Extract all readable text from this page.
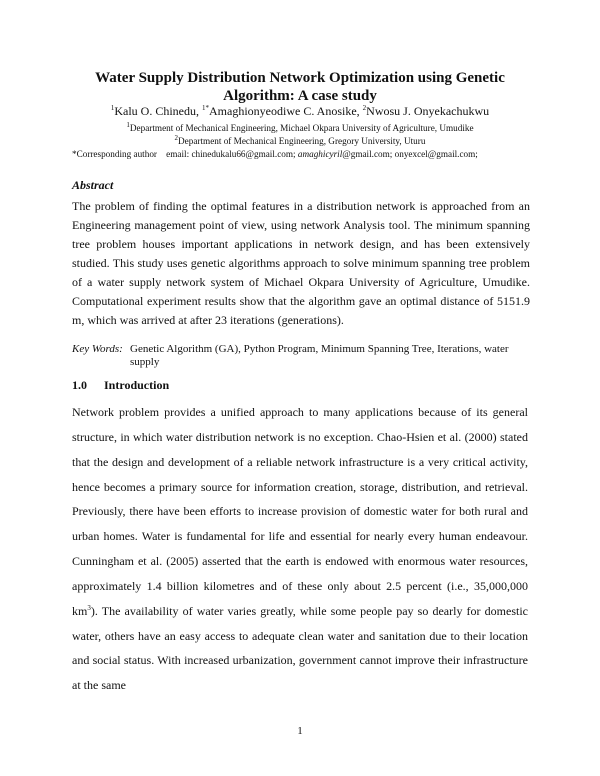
Water Supply Distribution Network Optimization using Genetic Algorithm: A case study
$^1$Kalu O. Chinedu, $^{1*}$Amaghionyeodiwe C. Anosike, $^2$Nwosu J. Onyekachukwu
$^1$Department of Mechanical Engineering, Michael Okpara University of Agriculture, Umudike
$^2$Department of Mechanical Engineering, Gregory University, Uturu
*Corresponding author email: chinedukalu66@gmail.com; amaghicyril@gmail.com; onyexcel@gmail.com;
Abstract
The problem of finding the optimal features in a distribution network is approached from an Engineering management point of view, using network Analysis tool. The minimum spanning tree problem houses important applications in network design, and has been extensively studied. This study uses genetic algorithms approach to solve minimum spanning tree problem of a water supply network system of Michael Okpara University of Agriculture, Umudike. Computational experiment results show that the algorithm gave an optimal distance of 5151.9 m, which was arrived at after 23 iterations (generations).
Key Words: Genetic Algorithm (GA), Python Program, Minimum Spanning Tree, Iterations, water supply
1.0 Introduction
Network problem provides a unified approach to many applications because of its general structure, in which water distribution network is no exception. Chao-Hsien et al. (2000) stated that the design and development of a reliable network infrastructure is a very critical activity, hence becomes a primary source for information creation, storage, distribution, and retrieval. Previously, there have been efforts to increase provision of domestic water for both rural and urban homes. Water is fundamental for life and essential for nearly every human endeavour. Cunningham et al. (2005) asserted that the earth is endowed with enormous water resources, approximately 1.4 billion kilometres and of these only about 2.5 percent (i.e., 35,000,000 $km^3$). The availability of water varies greatly, while some people pay so dearly for domestic water, others have an easy access to adequate clean water and sanitation due to their location and social status. With increased urbanization, government cannot improve their infrastructure at the same
1
